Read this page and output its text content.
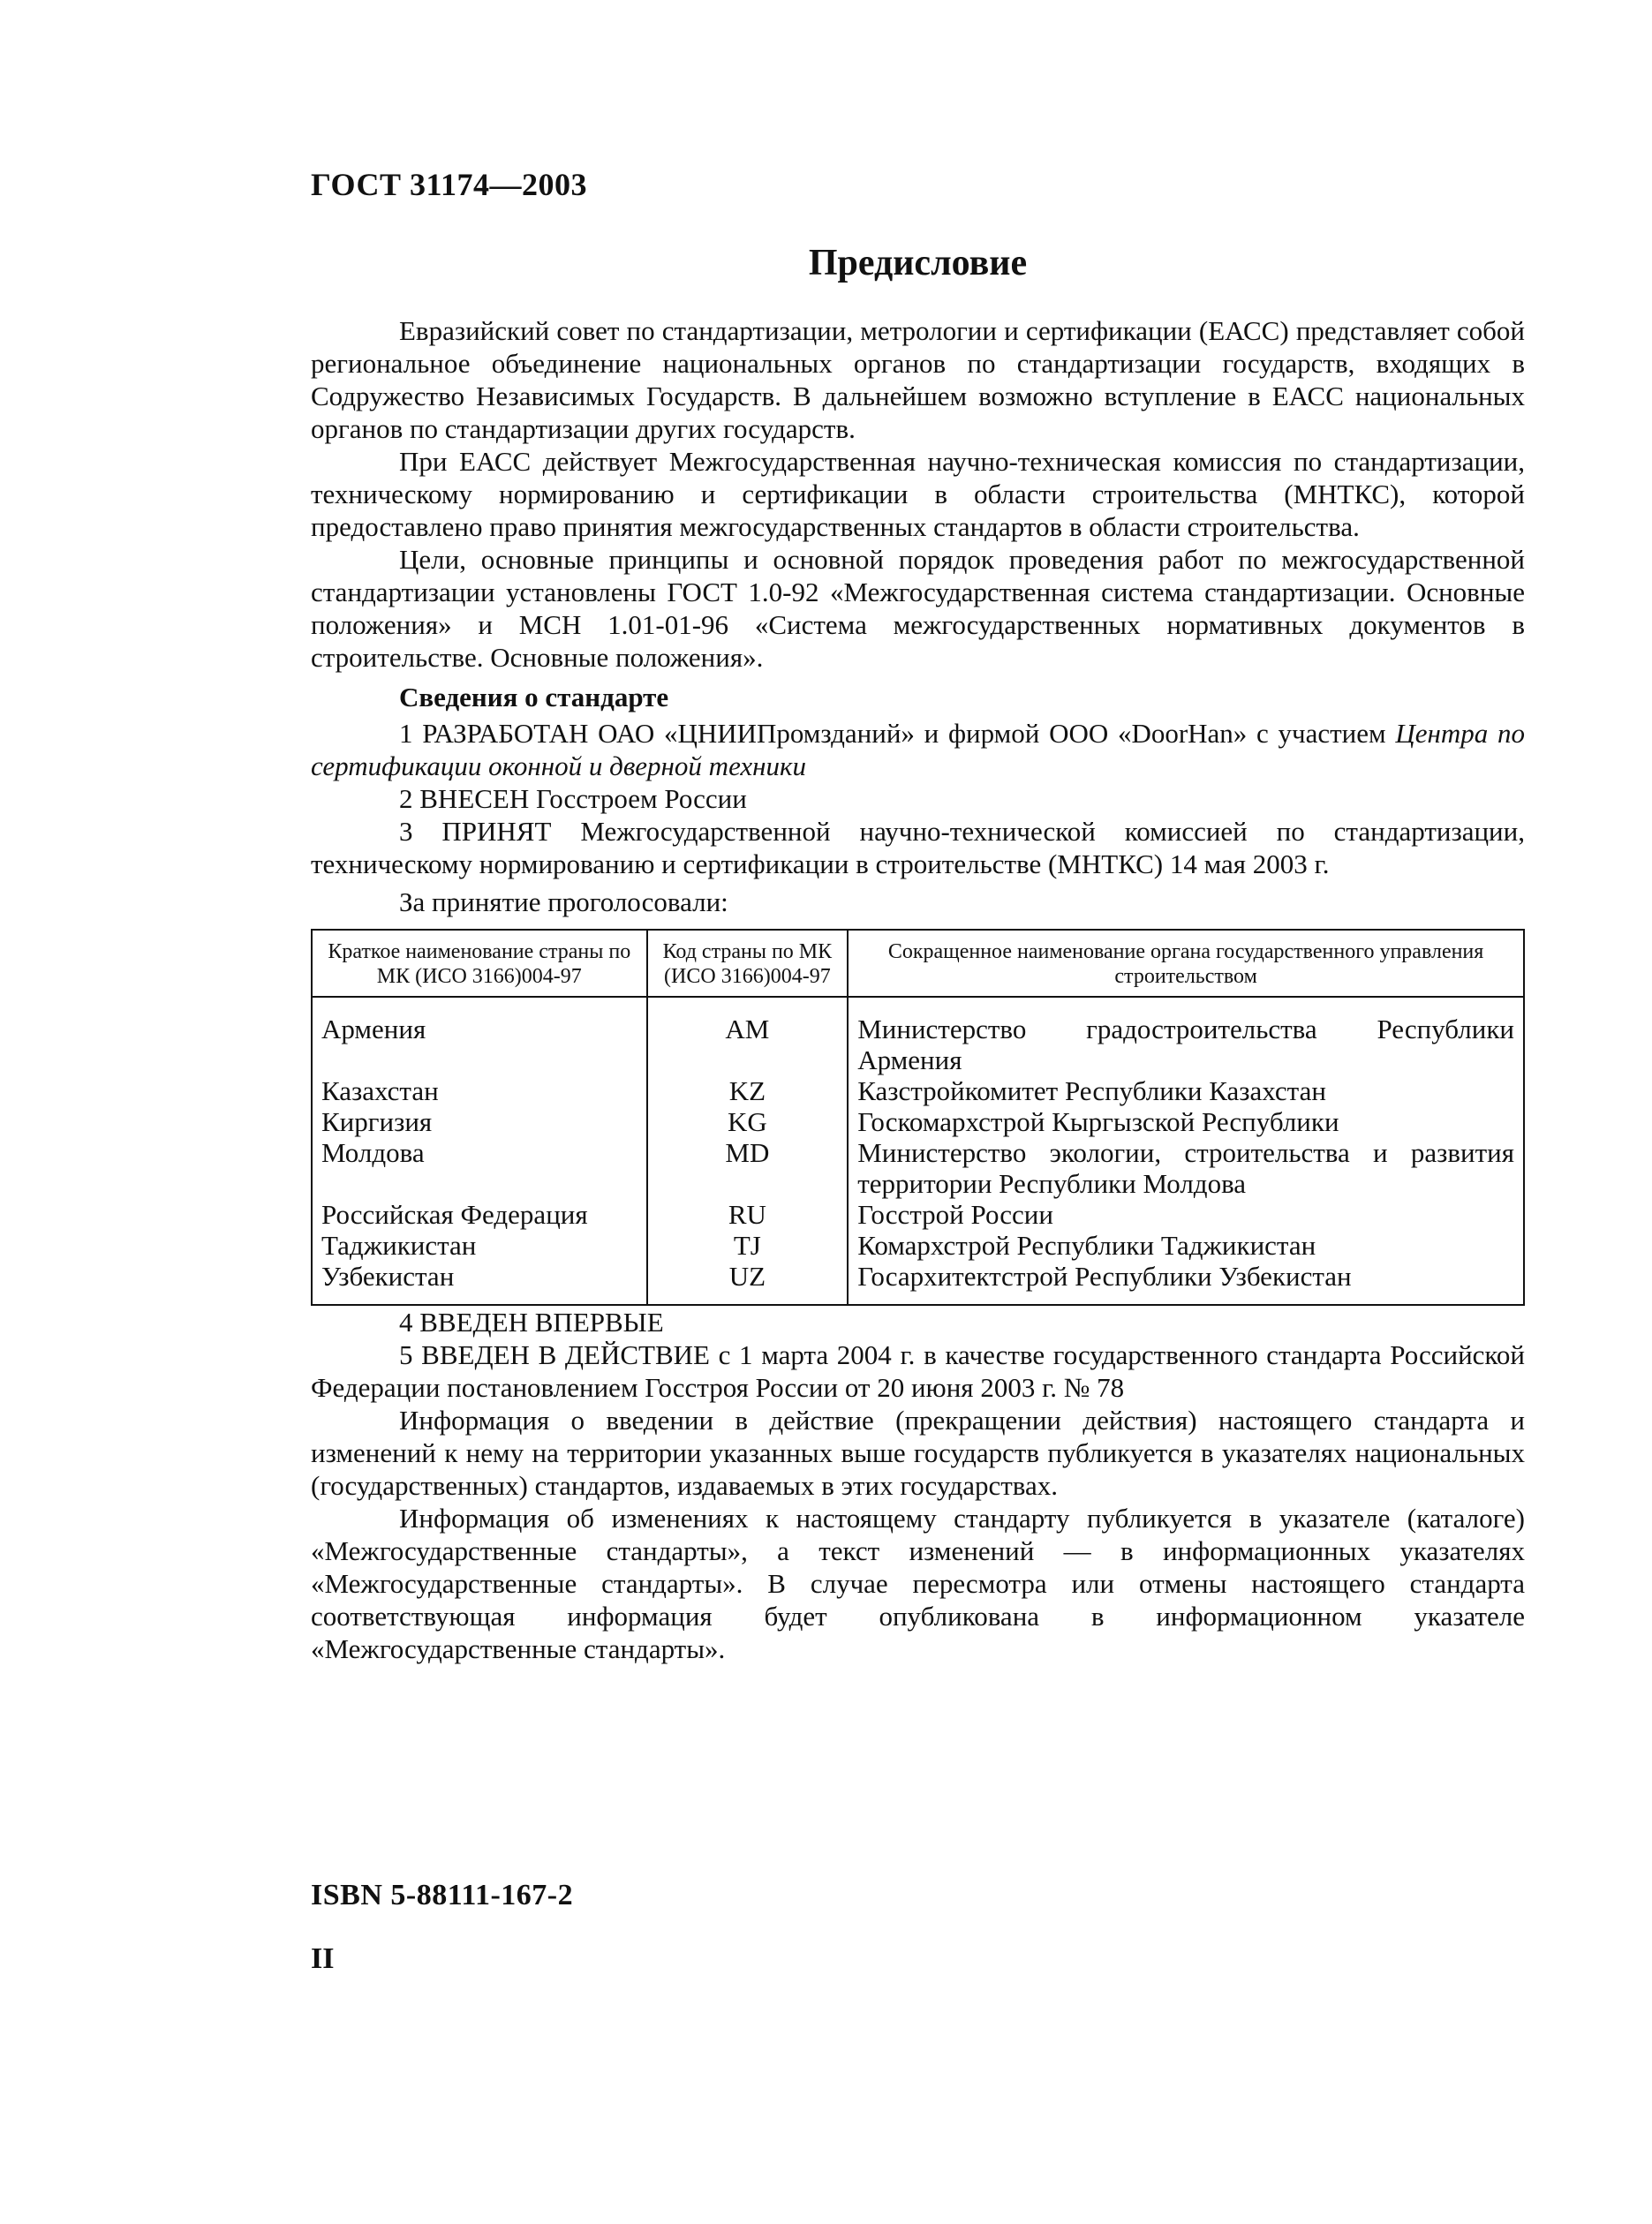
ГОСТ 31174—2003
Предисловие

Евразийский совет по стандартизации, метрологии и сертификации (ЕАСС) представляет собой региональное объединение национальных органов по стандартизации государств, входящих в Содружество Независимых Государств. В дальнейшем возможно вступление в ЕАСС национальных органов по стандартизации других государств.

При ЕАСС действует Межгосударственная научно-техническая комиссия по стандартизации, техническому нормированию и сертификации в области строительства (МНТКС), которой предоставлено право принятия межгосударственных стандартов в области строительства.

Цели, основные принципы и основной порядок проведения работ по межгосударственной стандартизации установлены ГОСТ 1.0-92 «Межгосударственная система стандартизации. Основные положения» и МСН 1.01-01-96 «Система межгосударственных нормативных документов в строительстве. Основные положения».

Сведения о стандарте

1 РАЗРАБОТАН ОАО «ЦНИИПромзданий» и фирмой ООО «DoorHan» с участием Центра по сертификации оконной и дверной техники

2 ВНЕСЕН Госстроем России

3 ПРИНЯТ Межгосударственной научно-технической комиссией по стандартизации, техническому нормированию и сертификации в строительстве (МНТКС) 14 мая 2003 г.

За принятие проголосовали:

Краткое наименование страны по МК (ИСО 3166)004-97	Код страны по МК (ИСО 3166)004-97	Сокращенное наименование органа государственного управления строительством
Армения	AM	Министерство градостроительства Республики Армения
Казахстан	KZ	Казстройкомитет Республики Казахстан
Киргизия	KG	Госкомархстрой Кыргызской Республики
Молдова	MD	Министерство экологии, строительства и развития территории Республики Молдова
Российская Федерация	RU	Госстрой России
Таджикистан	TJ	Комархстрой Республики Таджикистан
Узбекистан	UZ	Госархитектстрой Республики Узбекистан

4 ВВЕДЕН ВПЕРВЫЕ

5 ВВЕДЕН В ДЕЙСТВИЕ с 1 марта 2004 г. в качестве государственного стандарта Российской Федерации постановлением Госстроя России от 20 июня 2003 г. № 78

Информация о введении в действие (прекращении действия) настоящего стандарта и изменений к нему на территории указанных выше государств публикуется в указателях национальных (государственных) стандартов, издаваемых в этих государствах.

Информация об изменениях к настоящему стандарту публикуется в указателе (каталоге) «Межгосударственные стандарты», а текст изменений — в информационных указателях «Межгосударственные стандарты». В случае пересмотра или отмены настоящего стандарта соответствующая информация будет опубликована в информационном указателе «Межгосударственные стандарты».

ISBN 5-88111-167-2
II
